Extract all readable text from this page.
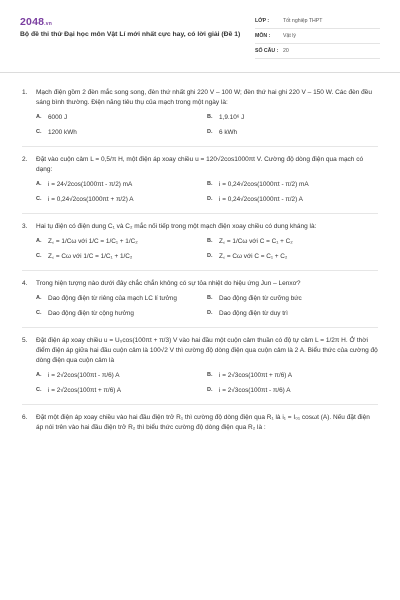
2048.vn
Bộ đề thi thử Đại học môn Vật Lí mới nhất cực hay, có lời giải (Đề 1)
LỚP :	Tốt nghiệp THPT
MÔN :	Vật lý
SỐ CÂU : 20
1. Mạch điện gồm 2 đèn mắc song song, đèn thứ nhất ghi 220 V – 100 W; đèn thứ hai ghi 220 V – 150 W. Các đèn đều sáng bình thường. Điện năng tiêu thụ của mạch trong một ngày là:
A. 6000 J	B. 1,9.10⁶ J
C. 1200 kWh	D. 6 kWh
2. Đặt vào cuộn cảm L = 0,5/π H, một điện áp xoay chiều u = 120√2cos1000πt V. Cường độ dòng điện qua mạch có dạng:
A. i = 24√2cos(1000πt - π/2) mA	B. i = 0,24√2cos(1000πt - π/2) mA
C. i = 0,24√2cos(1000πt + π/2) A	D. i = 0,24√2cos(1000πt - π/2) A
3. Hai tụ điện có điện dung C₁ và C₂ mắc nối tiếp trong một mạch điện xoay chiều có dung kháng là:
A. Z꜀ = 1/Cω với 1/C = 1/C₁ + 1/C₂	B. Z꜀ = 1/Cω với C = C₁ + C₂
C. Z꜀ = Cω với 1/C = 1/C₁ + 1/C₂	D. Z꜀ = Cω với C = C₁ + C₂
4. Trong hiện tượng nào dưới đây chắc chắn không có sự tỏa nhiệt do hiệu ứng Jun – Lenxơ?
A. Dao động điện từ riêng của mạch LC lí tưởng	B. Dao động điện từ cưỡng bức
C. Dao động điện từ cộng hưởng	D. Dao động điện từ duy trì
5. Đặt điện áp xoay chiều u = U₀cos(100πt + π/3) V vào hai đầu một cuộn cảm thuần có độ tự cảm L = 1/2π H. Ở thời điểm điện áp giữa hai đầu cuộn cảm là 100√2 V thì cường độ dòng điện qua cuộn cảm là 2 A. Biểu thức của cường độ dòng điện qua cuộn cảm là
A. i = 2√2cos(100πt - π/6) A	B. i = 2√3cos(100πt + π/6) A
C. i = 2√2cos(100πt + π/6) A	D. i = 2√3cos(100πt - π/6) A
6. Đặt một điện áp xoay chiều vào hai đầu điện trở R₁ thì cường độ dòng điện qua R₁ là i₁ = I₀₁ cosωt (A). Nếu đặt điện áp nói trên vào hai đầu điện trở R₂ thì biểu thức cường độ dòng điện qua R₂ là :
